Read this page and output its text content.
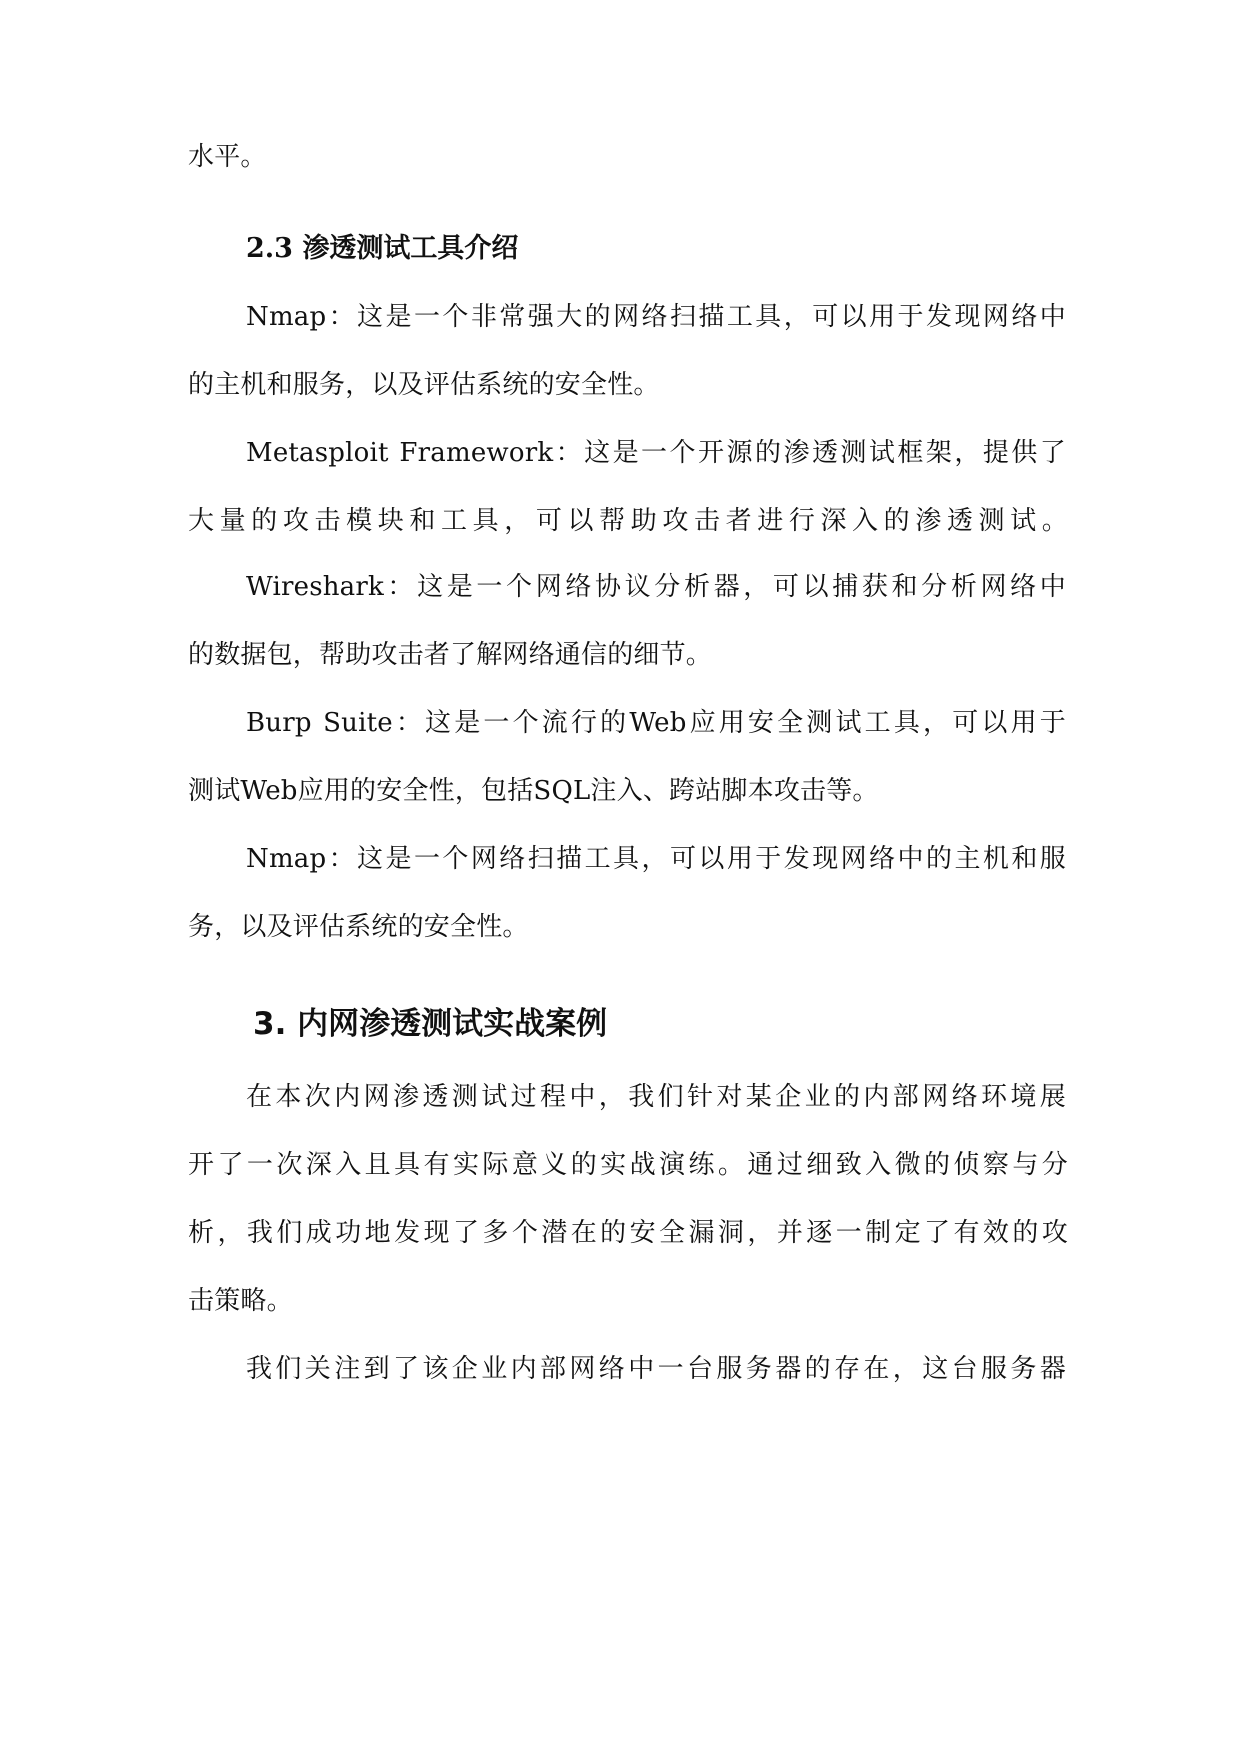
水平。
2.3 渗透测试工具介绍
Nmap：这是一个非常强大的网络扫描工具，可以用于发现网络中
的主机和服务，以及评估系统的安全性。
Metasploit Framework：这是一个开源的渗透测试框架，提供了
大量的攻击模块和工具，可以帮助攻击者进行深入的渗透测试。
Wireshark：这是一个网络协议分析器，可以捕获和分析网络中
的数据包，帮助攻击者了解网络通信的细节。
Burp Suite：这是一个流行的Web应用安全测试工具，可以用于
测试Web应用的安全性，包括SQL注入、跨站脚本攻击等。
Nmap：这是一个网络扫描工具，可以用于发现网络中的主机和服
务，以及评估系统的安全性。
3. 内网渗透测试实战案例
在本次内网渗透测试过程中，我们针对某企业的内部网络环境展
开了一次深入且具有实际意义的实战演练。通过细致入微的侦察与分
析，我们成功地发现了多个潜在的安全漏洞，并逐一制定了有效的攻
击策略。
我们关注到了该企业内部网络中一台服务器的存在，这台服务器
